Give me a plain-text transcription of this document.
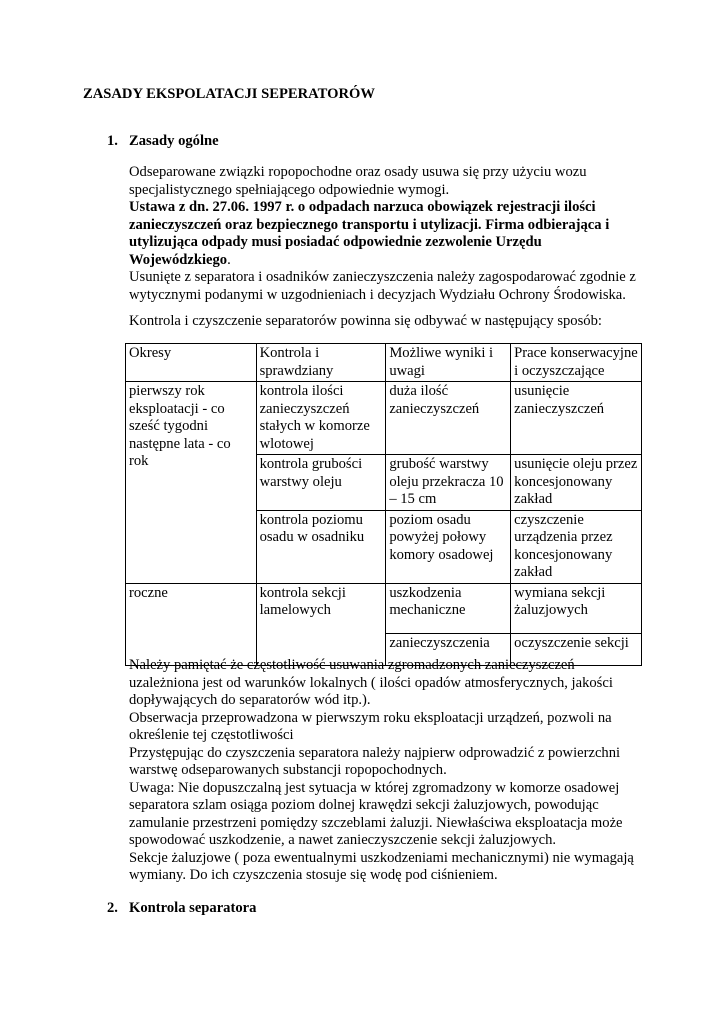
ZASADY EKSPOLATACJI SEPERATORÓW
1. Zasady ogólne
Odseparowane związki ropopochodne oraz osady usuwa się przy użyciu wozu
specjalistycznego spełniającego odpowiednie wymogi.
Ustawa z dn. 27.06. 1997 r. o odpadach narzuca obowiązek rejestracji ilości
zanieczyszczeń oraz bezpiecznego transportu i utylizacji. Firma odbierająca i
utylizująca odpady musi posiadać odpowiednie zezwolenie Urzędu
Wojewódzkiego.
Usunięte z separatora i osadników zanieczyszczenia należy zagospodarować zgodnie z
wytycznymi podanymi w uzgodnieniach i decyzjach Wydziału Ochrony Środowiska.
Kontrola i czyszczenie separatorów powinna się odbywać w następujący sposób:
Okresy	Kontrola i sprawdziany	Możliwe wyniki i uwagi	Prace konserwacyjne i oczyszczające
pierwszy rok eksploatacji - co sześć tygodni następne lata - co rok	kontrola ilości zanieczyszczeń stałych w komorze wlotowej	duża ilość zanieczyszczeń	usunięcie zanieczyszczeń
	kontrola grubości warstwy oleju	grubość warstwy oleju przekracza 10 – 15 cm	usunięcie oleju przez koncesjonowany zakład
	kontrola poziomu osadu w osadniku	poziom osadu powyżej połowy komory osadowej	czyszczenie urządzenia przez koncesjonowany zakład
roczne	kontrola sekcji lamelowych	uszkodzenia mechaniczne	wymiana sekcji żaluzjowych
		zanieczyszczenia	oczyszczenie sekcji
Należy pamiętać że częstotliwość usuwania zgromadzonych zanieczyszczeń
uzależniona jest od warunków lokalnych ( ilości opadów atmosferycznych, jakości
dopływających do separatorów wód itp.).
Obserwacja przeprowadzona w pierwszym roku eksploatacji urządzeń, pozwoli na
określenie tej częstotliwości
Przystępując do czyszczenia separatora należy najpierw odprowadzić z powierzchni
warstwę odseparowanych substancji ropopochodnych.
Uwaga: Nie dopuszczalną jest sytuacja w której zgromadzony w komorze osadowej
separatora szlam osiąga poziom dolnej krawędzi sekcji żaluzjowych, powodując
zamulanie przestrzeni pomiędzy szczeblami żaluzji. Niewłaściwa eksploatacja może
spowodować uszkodzenie, a nawet zanieczyszczenie sekcji żaluzjowych.
Sekcje żaluzjowe ( poza ewentualnymi uszkodzeniami mechanicznymi) nie wymagają
wymiany. Do ich czyszczenia stosuje się wodę pod ciśnieniem.
2. Kontrola separatora
